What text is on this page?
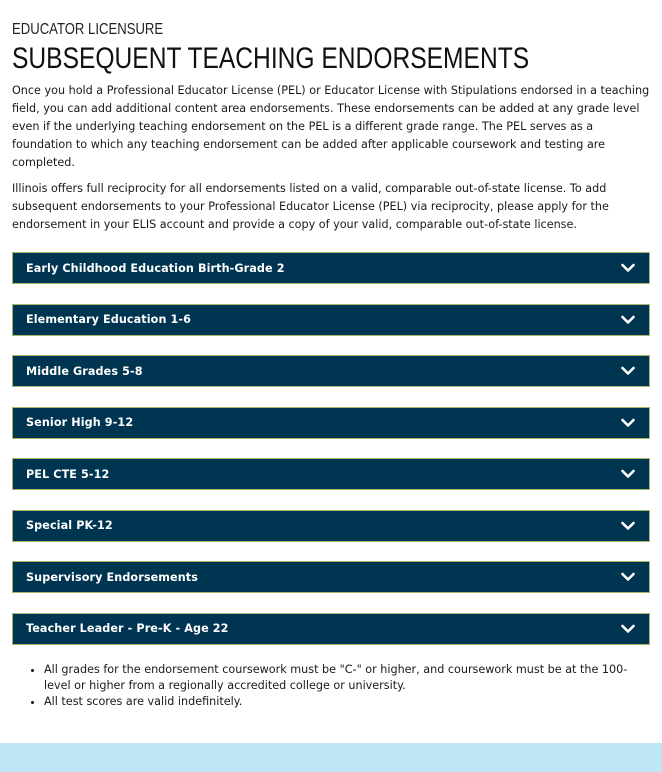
EDUCATOR LICENSURE
SUBSEQUENT TEACHING ENDORSEMENTS

Once you hold a Professional Educator License (PEL) or Educator License with Stipulations endorsed in a teaching field, you can add additional content area endorsements. These endorsements can be added at any grade level even if the underlying teaching endorsement on the PEL is a different grade range. The PEL serves as a foundation to which any teaching endorsement can be added after applicable coursework and testing are completed.

Illinois offers full reciprocity for all endorsements listed on a valid, comparable out-of-state license. To add subsequent endorsements to your Professional Educator License (PEL) via reciprocity, please apply for the endorsement in your ELIS account and provide a copy of your valid, comparable out-of-state license.

Early Childhood Education Birth-Grade 2
Elementary Education 1-6
Middle Grades 5-8
Senior High 9-12
PEL CTE 5-12
Special PK-12
Supervisory Endorsements
Teacher Leader - Pre-K - Age 22
• All grades for the endorsement coursework must be "C-" or higher, and coursework must be at the 100-level or higher from a regionally accredited college or university.
• All test scores are valid indefinitely.
